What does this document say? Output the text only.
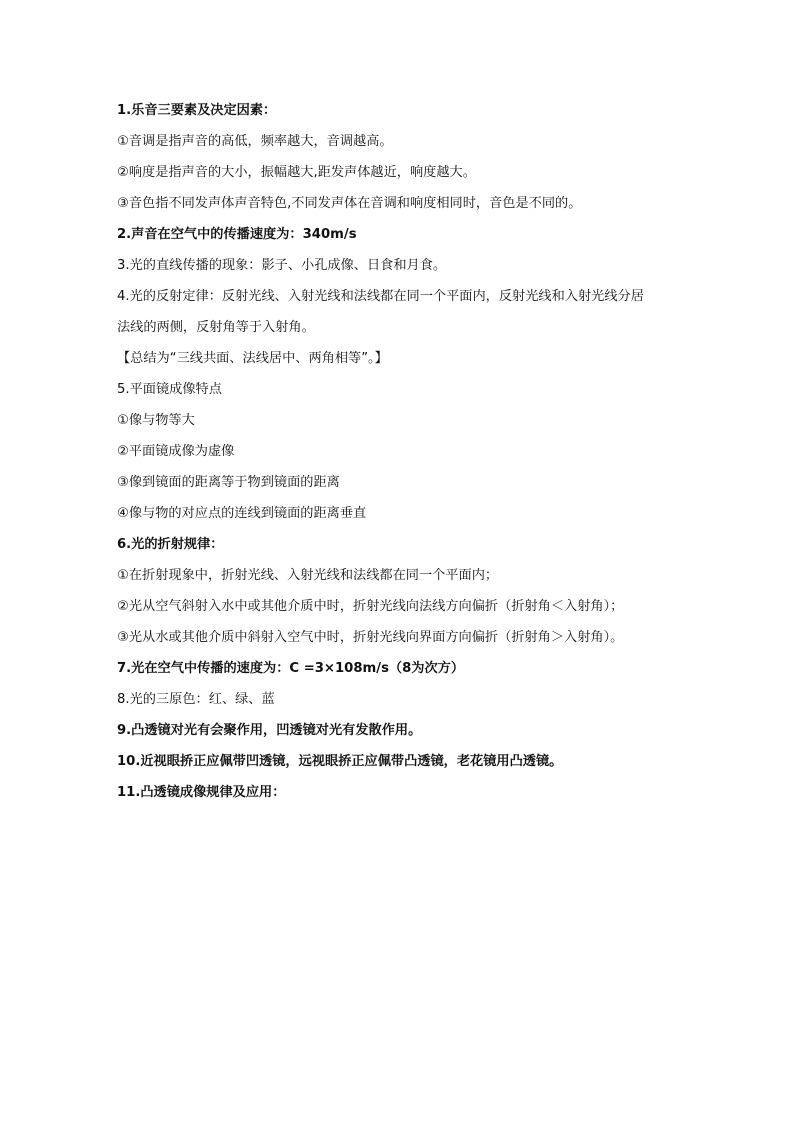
1.乐音三要素及决定因素：
①音调是指声音的高低，频率越大，音调越高。
②响度是指声音的大小，振幅越大,距发声体越近，响度越大。
③音色指不同发声体声音特色,不同发声体在音调和响度相同时，音色是不同的。
2.声音在空气中的传播速度为：340m/s
3.光的直线传播的现象：影子、小孔成像、日食和月食。
4.光的反射定律：反射光线、入射光线和法线都在同一个平面内，反射光线和入射光线分居
法线的两侧，反射角等于入射角。
【总结为“三线共面、法线居中、两角相等”。】
5.平面镜成像特点
①像与物等大
②平面镜成像为虚像
③像到镜面的距离等于物到镜面的距离
④像与物的对应点的连线到镜面的距离垂直
6.光的折射规律：
①在折射现象中，折射光线、入射光线和法线都在同一个平面内；
②光从空气斜射入水中或其他介质中时，折射光线向法线方向偏折（折射角＜入射角）；
③光从水或其他介质中斜射入空气中时，折射光线向界面方向偏折（折射角＞入射角）。
7.光在空气中传播的速度为：C =3×108m/s（8为次方）
8.光的三原色：红、绿、蓝
9.凸透镜对光有会聚作用，凹透镜对光有发散作用。
10.近视眼挢正应佩带凹透镜，远视眼挢正应佩带凸透镜，老花镜用凸透镜。
11.凸透镜成像规律及应用：
